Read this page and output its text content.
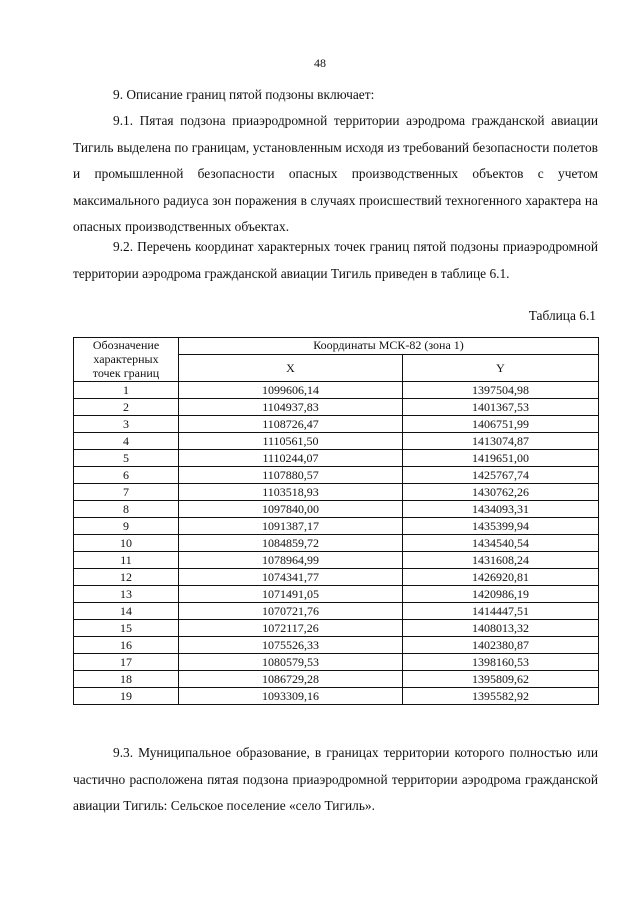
48
9. Описание границ пятой подзоны включает:
9.1. Пятая подзона приаэродромной территории аэродрома гражданской авиации Тигиль выделена по границам, установленным исходя из требований безопасности полетов и промышленной безопасности опасных производственных объектов с учетом максимального радиуса зон поражения в случаях происшествий техногенного характера на опасных производственных объектах.
9.2. Перечень координат характерных точек границ пятой подзоны приаэродромной территории аэродрома гражданской авиации Тигиль приведен в таблице 6.1.
Таблица 6.1
Обозначение характерных точек границ	Координаты МСК-82 (зона 1)	
	X	Y
1	1099606,14	1397504,98
2	1104937,83	1401367,53
3	1108726,47	1406751,99
4	1110561,50	1413074,87
5	1110244,07	1419651,00
6	1107880,57	1425767,74
7	1103518,93	1430762,26
8	1097840,00	1434093,31
9	1091387,17	1435399,94
10	1084859,72	1434540,54
11	1078964,99	1431608,24
12	1074341,77	1426920,81
13	1071491,05	1420986,19
14	1070721,76	1414447,51
15	1072117,26	1408013,32
16	1075526,33	1402380,87
17	1080579,53	1398160,53
18	1086729,28	1395809,62
19	1093309,16	1395582,92
9.3. Муниципальное образование, в границах территории которого полностью или частично расположена пятая подзона приаэродромной территории аэродрома гражданской авиации Тигиль: Сельское поселение «село Тигиль».
